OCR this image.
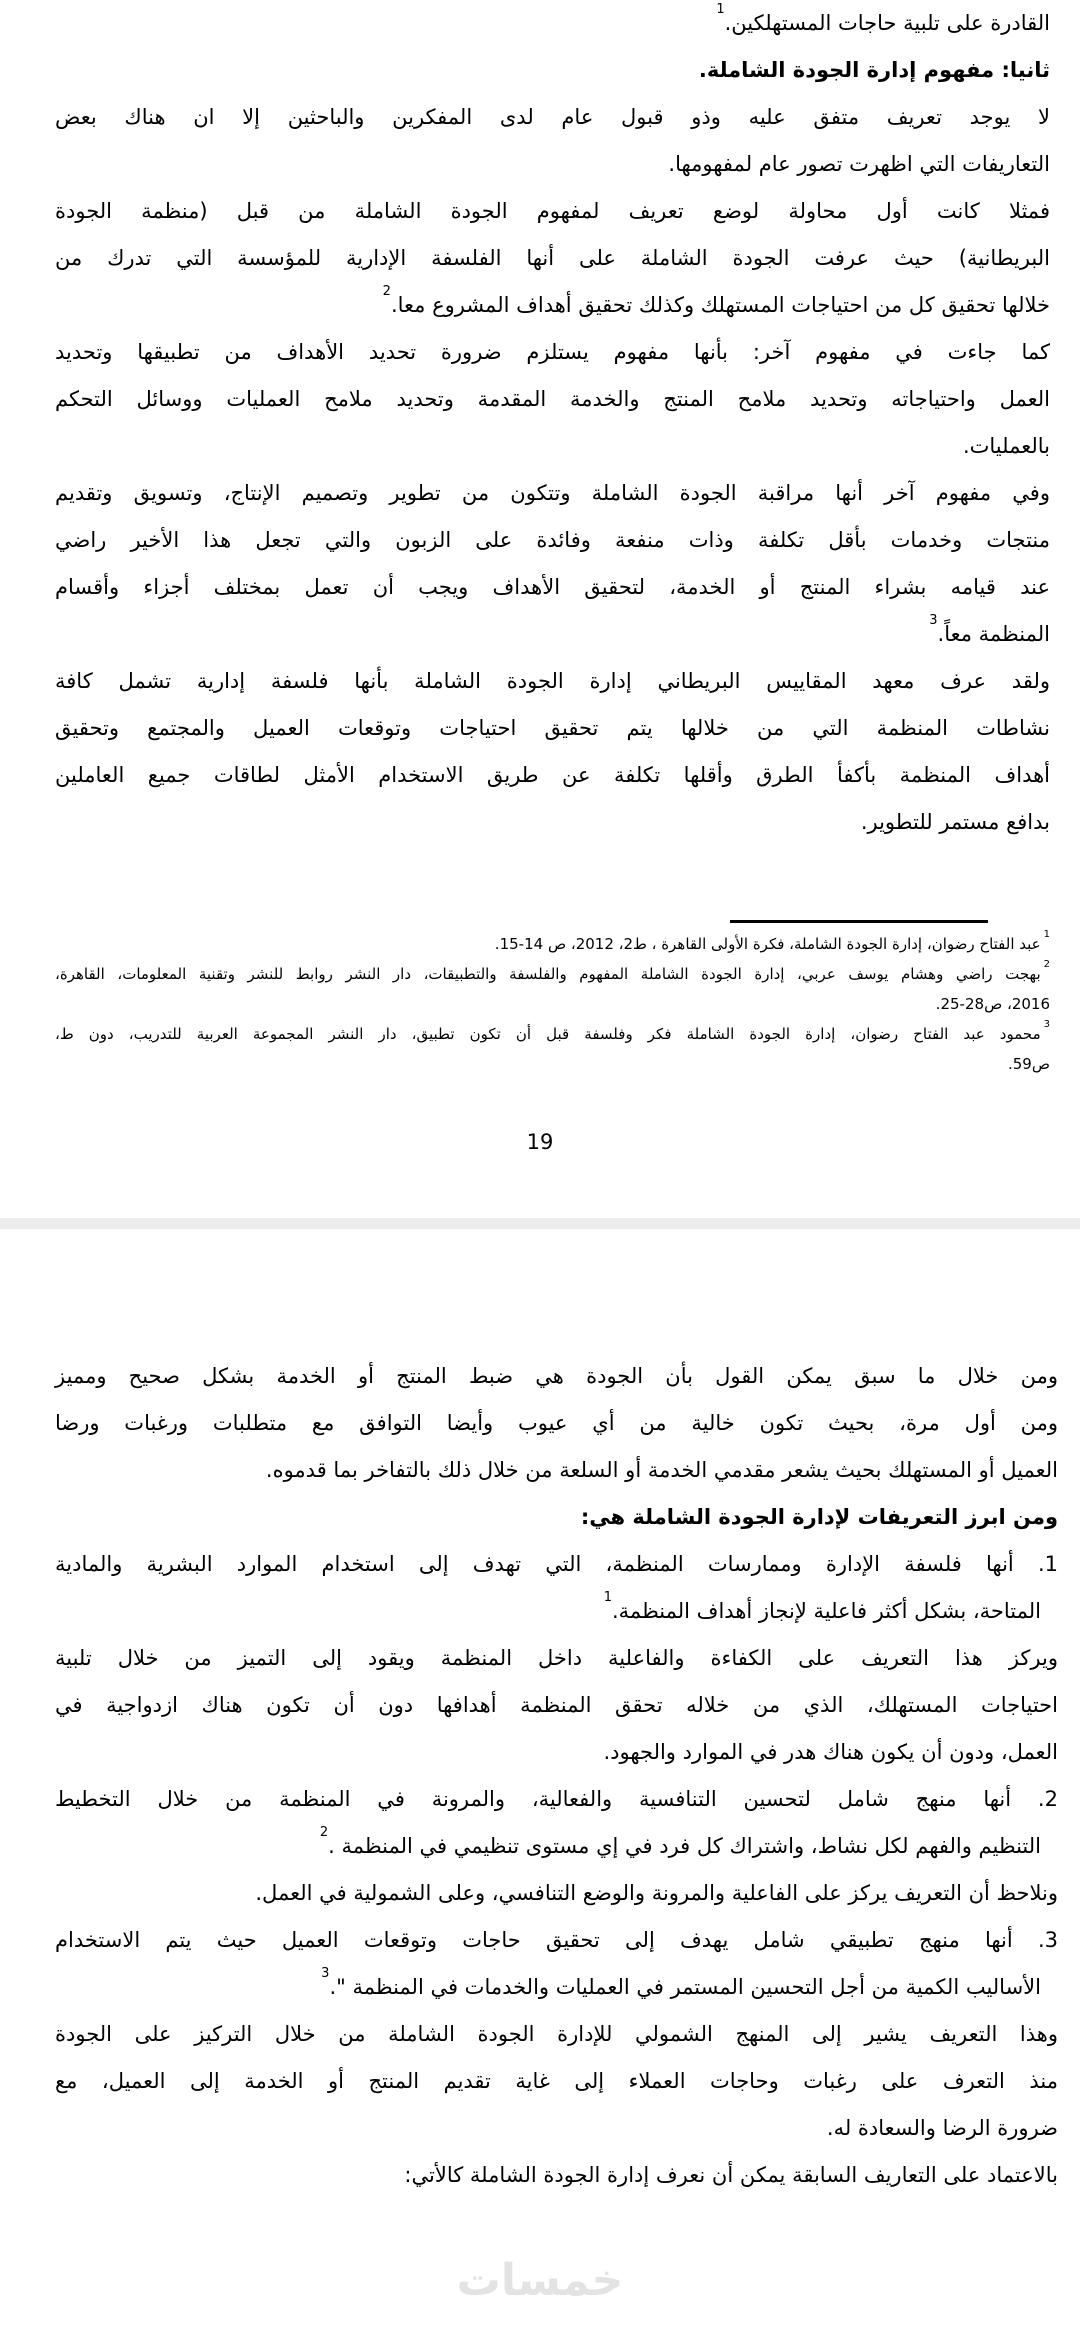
القادرة على تلبية حاجات المستهلكين.$^1$
ثانيا: مفهوم إدارة الجودة الشاملة.
لا يوجد تعريف متفق عليه وذو قبول عام لدى المفكرين والباحثين إلا ان هناك بعض
التعاريفات التي اظهرت تصور عام لمفهومها.
فمثلا كانت أول محاولة لوضع تعريف لمفهوم الجودة الشاملة من قبل (منظمة الجودة
البريطانية) حيث عرفت الجودة الشاملة على أنها الفلسفة الإدارية للمؤسسة التي تدرك من
خلالها تحقيق كل من احتياجات المستهلك وكذلك تحقيق أهداف المشروع معا.$^2$
كما جاءت في مفهوم آخر: بأنها مفهوم يستلزم ضرورة تحديد الأهداف من تطبيقها وتحديد
العمل واحتياجاته وتحديد ملامح المنتج والخدمة المقدمة وتحديد ملامح العمليات ووسائل التحكم
بالعمليات.
وفي مفهوم آخر أنها مراقبة الجودة الشاملة وتتكون من تطوير وتصميم الإنتاج، وتسويق وتقديم
منتجات وخدمات بأقل تكلفة وذات منفعة وفائدة على الزبون والتي تجعل هذا الأخير راضي
عند قيامه بشراء المنتج أو الخدمة، لتحقيق الأهداف ويجب أن تعمل بمختلف أجزاء وأقسام
المنظمة معاً.$^3$
ولقد عرف معهد المقاييس البريطاني إدارة الجودة الشاملة بأنها فلسفة إدارية تشمل كافة
نشاطات المنظمة التي من خلالها يتم تحقيق احتياجات وتوقعات العميل والمجتمع وتحقيق
أهداف المنظمة بأكفأ الطرق وأقلها تكلفة عن طريق الاستخدام الأمثل لطاقات جميع العاملين
بدافع مستمر للتطوير.
$^1$عبد الفتاح رضوان، إدارة الجودة الشاملة، فكرة الأولى القاهرة ، ط2، 2012، ص 14-15.
$^2$بهجت راضي وهشام يوسف عربي، إدارة الجودة الشاملة المفهوم والفلسفة والتطبيقات، دار النشر روابط للنشر وتقنية المعلومات، القاهرة،
2016، ص28-25.
$^3$محمود عبد الفتاح رضوان، إدارة الجودة الشاملة فكر وفلسفة قبل أن تكون تطبيق، دار النشر المجموعة العربية للتدريب، دون ط،
ص59.
19
ومن خلال ما سبق يمكن القول بأن الجودة هي ضبط المنتج أو الخدمة بشكل صحيح ومميز
ومن أول مرة، بحيث تكون خالية من أي عيوب وأيضا التوافق مع متطلبات ورغبات ورضا
العميل أو المستهلك بحيث يشعر مقدمي الخدمة أو السلعة من خلال ذلك بالتفاخر بما قدموه.
ومن ابرز التعريفات لإدارة الجودة الشاملة هي:
1. أنها فلسفة الإدارة وممارسات المنظمة، التي تهدف إلى استخدام الموارد البشرية والمادية
المتاحة، بشكل أكثر فاعلية لإنجاز أهداف المنظمة.$^1$
ويركز هذا التعريف على الكفاءة والفاعلية داخل المنظمة ويقود إلى التميز من خلال تلبية
احتياجات المستهلك، الذي من خلاله تحقق المنظمة أهدافها دون أن تكون هناك ازدواجية في
العمل، ودون أن يكون هناك هدر في الموارد والجهود.
2. أنها منهج شامل لتحسين التنافسية والفعالية، والمرونة في المنظمة من خلال التخطيط
التنظيم والفهم لكل نشاط، واشتراك كل فرد في إي مستوى تنظيمي في المنظمة .$^2$
ونلاحظ أن التعريف يركز على الفاعلية والمرونة والوضع التنافسي، وعلى الشمولية في العمل.
3. أنها منهج تطبيقي شامل يهدف إلى تحقيق حاجات وتوقعات العميل حيث يتم الاستخدام
الأساليب الكمية من أجل التحسين المستمر في العمليات والخدمات في المنظمة ".$^3$
وهذا التعريف يشير إلى المنهج الشمولي للإدارة الجودة الشاملة من خلال التركيز على الجودة
منذ التعرف على رغبات وحاجات العملاء إلى غاية تقديم المنتج أو الخدمة إلى العميل، مع
ضرورة الرضا والسعادة له.
بالاعتماد على التعاريف السابقة يمكن أن نعرف إدارة الجودة الشاملة كالأتي:
خمسات
